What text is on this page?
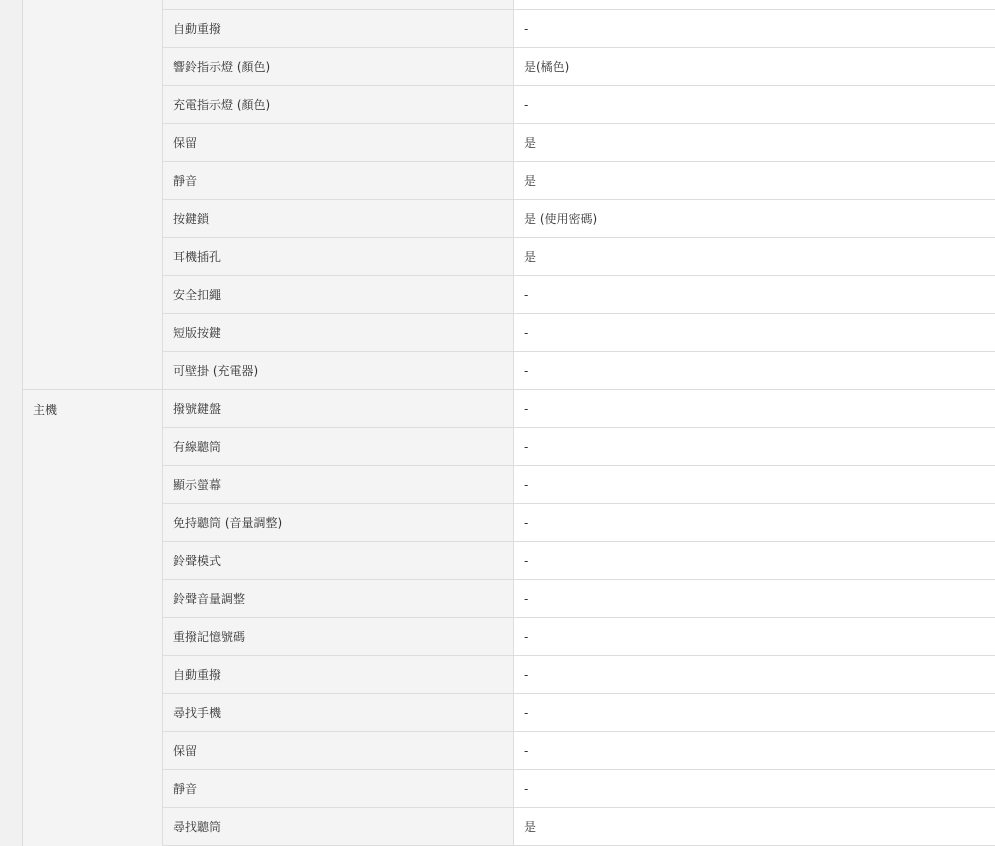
	自動重撥	-
	響鈴指示燈 (顏色)	是(橘色)
	充電指示燈 (顏色)	-
	保留	是
	靜音	是
	按鍵鎖	是 (使用密碼)
	耳機插孔	是
	安全扣繩	-
	短版按鍵	-
	可壁掛 (充電器)	-
主機	撥號鍵盤	-
	有線聽筒	-
	顯示螢幕	-
	免持聽筒 (音量調整)	-
	鈴聲模式	-
	鈴聲音量調整	-
	重撥記憶號碼	-
	自動重撥	-
	尋找手機	-
	保留	-
	靜音	-
	尋找聽筒	是
